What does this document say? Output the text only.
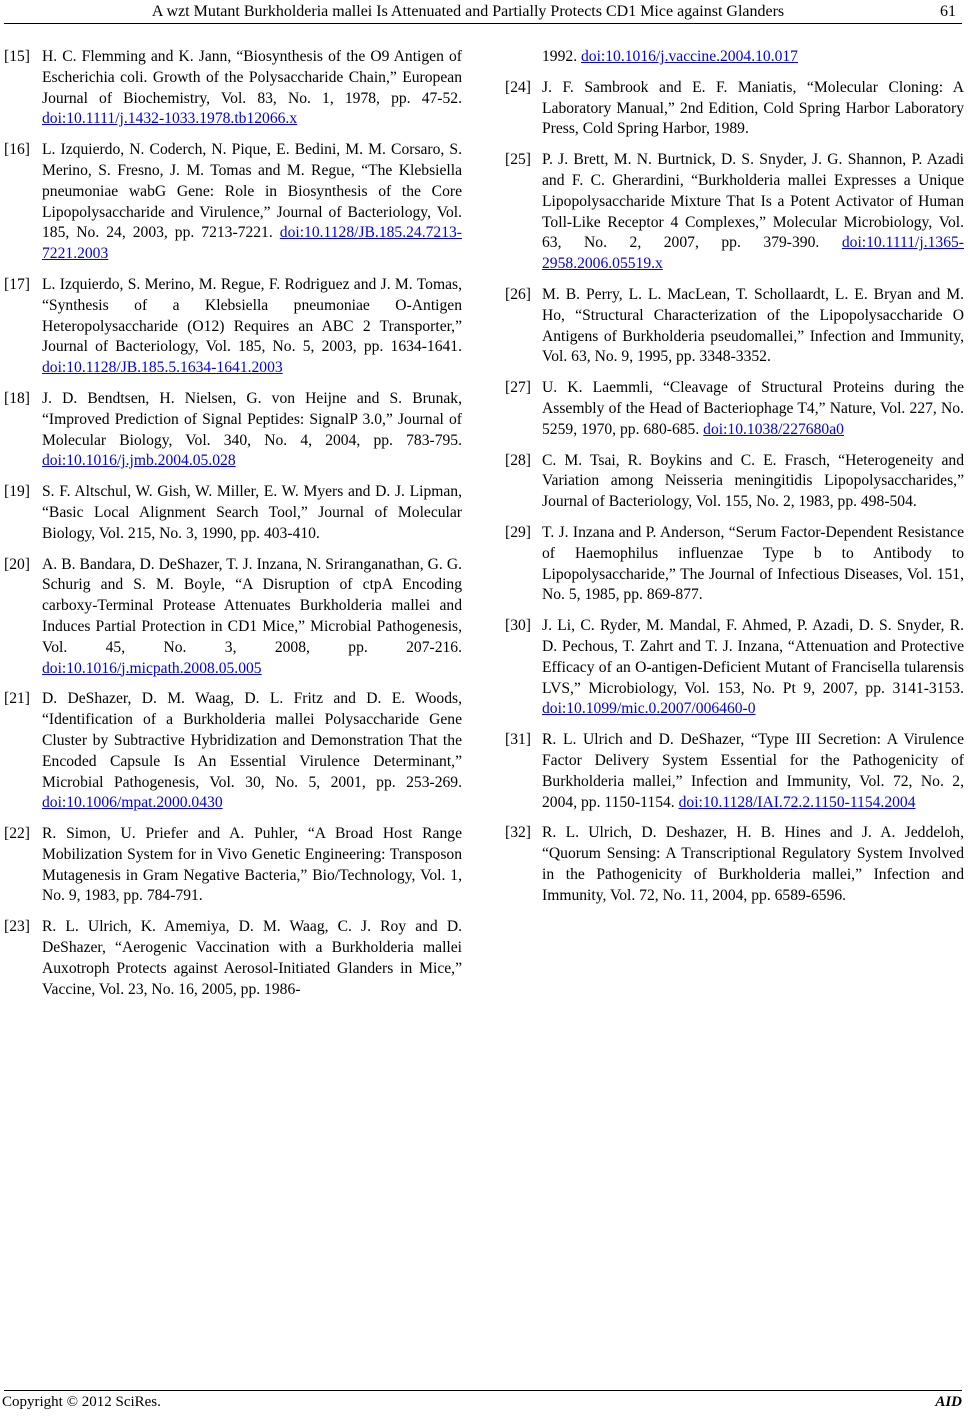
A wzt Mutant Burkholderia mallei Is Attenuated and Partially Protects CD1 Mice against Glanders	61
[15] H. C. Flemming and K. Jann, “Biosynthesis of the O9 Antigen of Escherichia coli. Growth of the Polysaccharide Chain,” European Journal of Biochemistry, Vol. 83, No. 1, 1978, pp. 47-52. doi:10.1111/j.1432-1033.1978.tb12066.x
[16] L. Izquierdo, N. Coderch, N. Pique, E. Bedini, M. M. Corsaro, S. Merino, S. Fresno, J. M. Tomas and M. Regue, “The Klebsiella pneumoniae wabG Gene: Role in Biosynthesis of the Core Lipopolysaccharide and Virulence,” Journal of Bacteriology, Vol. 185, No. 24, 2003, pp. 7213-7221. doi:10.1128/JB.185.24.7213-7221.2003
[17] L. Izquierdo, S. Merino, M. Regue, F. Rodriguez and J. M. Tomas, “Synthesis of a Klebsiella pneumoniae O-Antigen Heteropolysaccharide (O12) Requires an ABC 2 Transporter,” Journal of Bacteriology, Vol. 185, No. 5, 2003, pp. 1634-1641. doi:10.1128/JB.185.5.1634-1641.2003
[18] J. D. Bendtsen, H. Nielsen, G. von Heijne and S. Brunak, “Improved Prediction of Signal Peptides: SignalP 3.0,” Journal of Molecular Biology, Vol. 340, No. 4, 2004, pp. 783-795. doi:10.1016/j.jmb.2004.05.028
[19] S. F. Altschul, W. Gish, W. Miller, E. W. Myers and D. J. Lipman, “Basic Local Alignment Search Tool,” Journal of Molecular Biology, Vol. 215, No. 3, 1990, pp. 403-410.
[20] A. B. Bandara, D. DeShazer, T. J. Inzana, N. Sriranganathan, G. G. Schurig and S. M. Boyle, “A Disruption of ctpA Encoding carboxy-Terminal Protease Attenuates Burkholderia mallei and Induces Partial Protection in CD1 Mice,” Microbial Pathogenesis, Vol. 45, No. 3, 2008, pp. 207-216. doi:10.1016/j.micpath.2008.05.005
[21] D. DeShazer, D. M. Waag, D. L. Fritz and D. E. Woods, “Identification of a Burkholderia mallei Polysaccharide Gene Cluster by Subtractive Hybridization and Demonstration That the Encoded Capsule Is An Essential Virulence Determinant,” Microbial Pathogenesis, Vol. 30, No. 5, 2001, pp. 253-269. doi:10.1006/mpat.2000.0430
[22] R. Simon, U. Priefer and A. Puhler, “A Broad Host Range Mobilization System for in Vivo Genetic Engineering: Transposon Mutagenesis in Gram Negative Bacteria,” Bio/Technology, Vol. 1, No. 9, 1983, pp. 784-791.
[23] R. L. Ulrich, K. Amemiya, D. M. Waag, C. J. Roy and D. DeShazer, “Aerogenic Vaccination with a Burkholderia mallei Auxotroph Protects against Aerosol-Initiated Glanders in Mice,” Vaccine, Vol. 23, No. 16, 2005, pp. 1986-
1992. doi:10.1016/j.vaccine.2004.10.017
[24] J. F. Sambrook and E. F. Maniatis, “Molecular Cloning: A Laboratory Manual,” 2nd Edition, Cold Spring Harbor Laboratory Press, Cold Spring Harbor, 1989.
[25] P. J. Brett, M. N. Burtnick, D. S. Snyder, J. G. Shannon, P. Azadi and F. C. Gherardini, “Burkholderia mallei Expresses a Unique Lipopolysaccharide Mixture That Is a Potent Activator of Human Toll-Like Receptor 4 Complexes,” Molecular Microbiology, Vol. 63, No. 2, 2007, pp. 379-390. doi:10.1111/j.1365-2958.2006.05519.x
[26] M. B. Perry, L. L. MacLean, T. Schollaardt, L. E. Bryan and M. Ho, “Structural Characterization of the Lipopolysaccharide O Antigens of Burkholderia pseudomallei,” Infection and Immunity, Vol. 63, No. 9, 1995, pp. 3348-3352.
[27] U. K. Laemmli, “Cleavage of Structural Proteins during the Assembly of the Head of Bacteriophage T4,” Nature, Vol. 227, No. 5259, 1970, pp. 680-685. doi:10.1038/227680a0
[28] C. M. Tsai, R. Boykins and C. E. Frasch, “Heterogeneity and Variation among Neisseria meningitidis Lipopolysaccharides,” Journal of Bacteriology, Vol. 155, No. 2, 1983, pp. 498-504.
[29] T. J. Inzana and P. Anderson, “Serum Factor-Dependent Resistance of Haemophilus influenzae Type b to Antibody to Lipopolysaccharide,” The Journal of Infectious Diseases, Vol. 151, No. 5, 1985, pp. 869-877.
[30] J. Li, C. Ryder, M. Mandal, F. Ahmed, P. Azadi, D. S. Snyder, R. D. Pechous, T. Zahrt and T. J. Inzana, “Attenuation and Protective Efficacy of an O-antigen-Deficient Mutant of Francisella tularensis LVS,” Microbiology, Vol. 153, No. Pt 9, 2007, pp. 3141-3153. doi:10.1099/mic.0.2007/006460-0
[31] R. L. Ulrich and D. DeShazer, “Type III Secretion: A Virulence Factor Delivery System Essential for the Pathogenicity of Burkholderia mallei,” Infection and Immunity, Vol. 72, No. 2, 2004, pp. 1150-1154. doi:10.1128/IAI.72.2.1150-1154.2004
[32] R. L. Ulrich, D. Deshazer, H. B. Hines and J. A. Jeddeloh, “Quorum Sensing: A Transcriptional Regulatory System Involved in the Pathogenicity of Burkholderia mallei,” Infection and Immunity, Vol. 72, No. 11, 2004, pp. 6589-6596.
Copyright © 2012 SciRes.	AID
